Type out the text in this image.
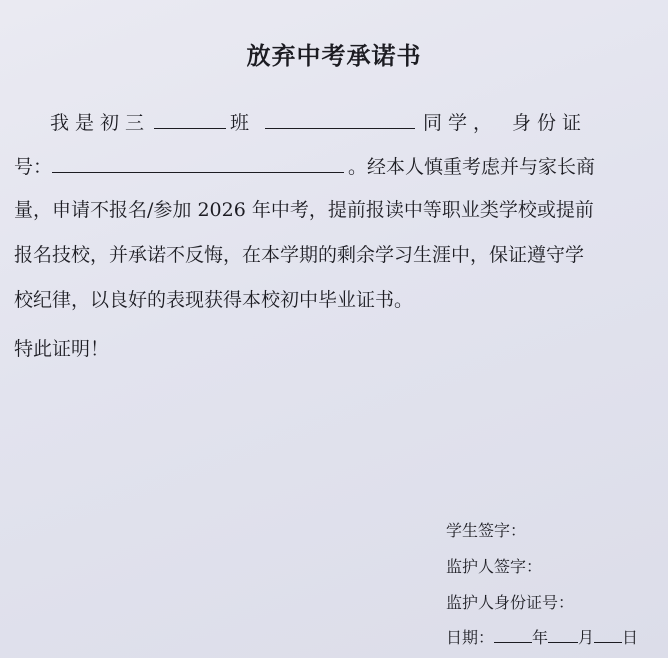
放弃中考承诺书
我是初三	班	同学， 身份证
号：	。经本人慎重考虑并与家长商
量，申请不报名/参加 2026 年中考，提前报读中等职业类学校或提前
报名技校，并承诺不反悔，在本学期的剩余学习生涯中，保证遵守学
校纪律，以良好的表现获得本校初中毕业证书。
特此证明！
学生签字：
监护人签字：
监护人身份证号：
日期： 年 月 日
